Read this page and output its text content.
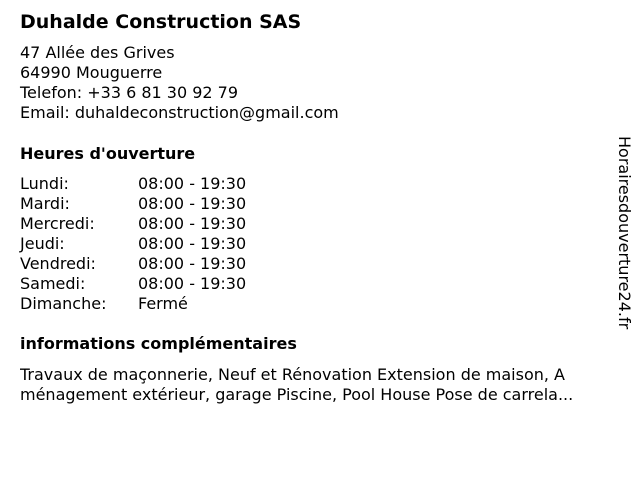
Duhalde Construction SAS
47 Allée des Grives
64990 Mouguerre
Telefon: +33 6 81 30 92 79
Email: duhaldeconstruction@gmail.com
Heures d'ouverture
Lundi:	08:00 - 19:30
Mardi:	08:00 - 19:30
Mercredi:	08:00 - 19:30
Jeudi:	08:00 - 19:30
Vendredi:	08:00 - 19:30
Samedi:	08:00 - 19:30
Dimanche: Fermé
informations complémentaires
Travaux de maçonnerie, Neuf et Rénovation Extension de maison, A
ménagement extérieur, garage Piscine, Pool House Pose de carrela...
Horairesdouverture24.fr
